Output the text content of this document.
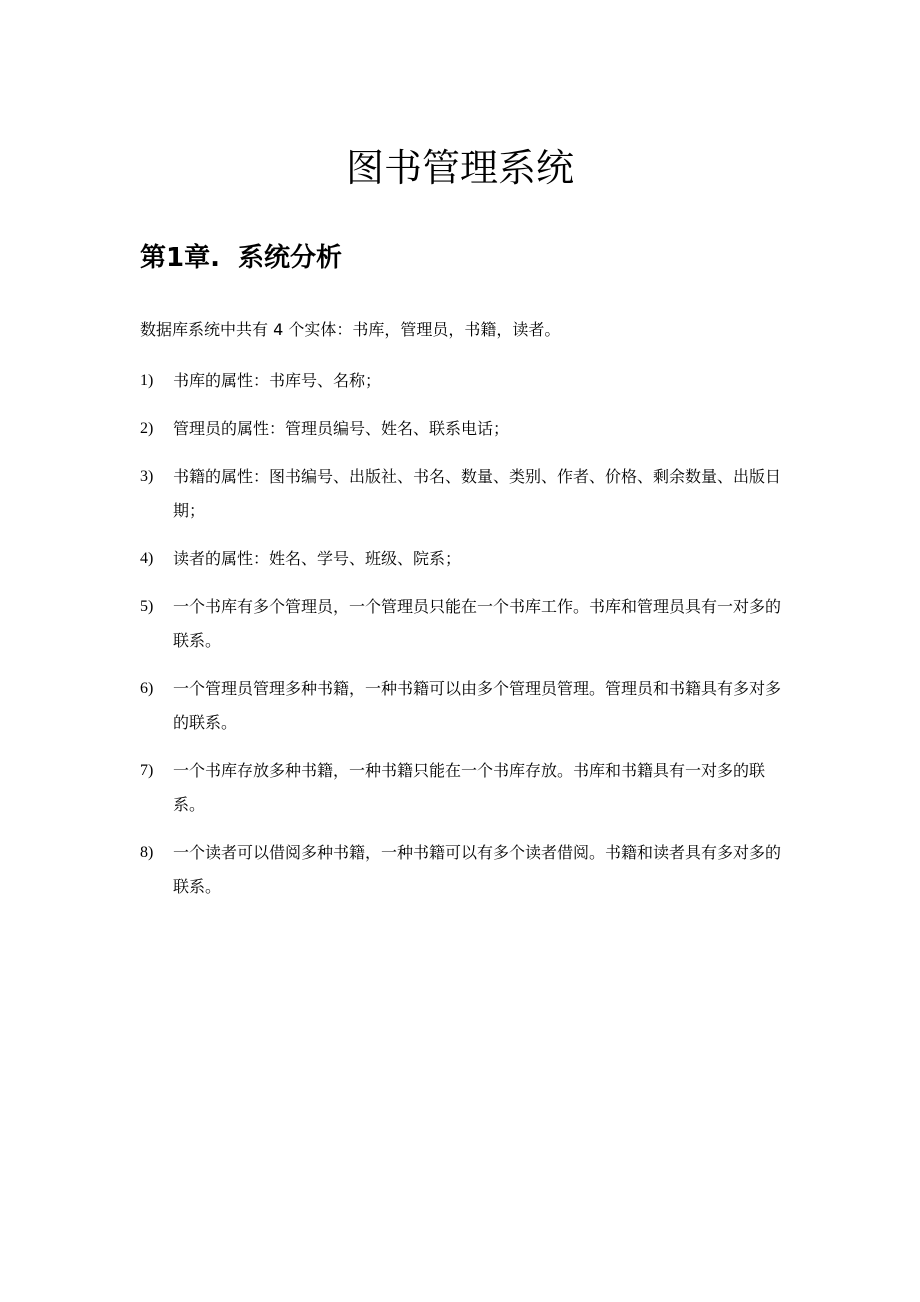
图书管理系统
第1章. 系统分析

数据库系统中共有 4 个实体：书库，管理员，书籍，读者。

1) 书库的属性：书库号、名称；
2) 管理员的属性：管理员编号、姓名、联系电话；
3) 书籍的属性：图书编号、出版社、书名、数量、类别、作者、价格、剩余数量、出版日期；
4) 读者的属性：姓名、学号、班级、院系；
5) 一个书库有多个管理员，一个管理员只能在一个书库工作。书库和管理员具有一对多的联系。
6) 一个管理员管理多种书籍，一种书籍可以由多个管理员管理。管理员和书籍具有多对多的联系。
7) 一个书库存放多种书籍，一种书籍只能在一个书库存放。书库和书籍具有一对多的联系。
8) 一个读者可以借阅多种书籍，一种书籍可以有多个读者借阅。书籍和读者具有多对多的联系。
